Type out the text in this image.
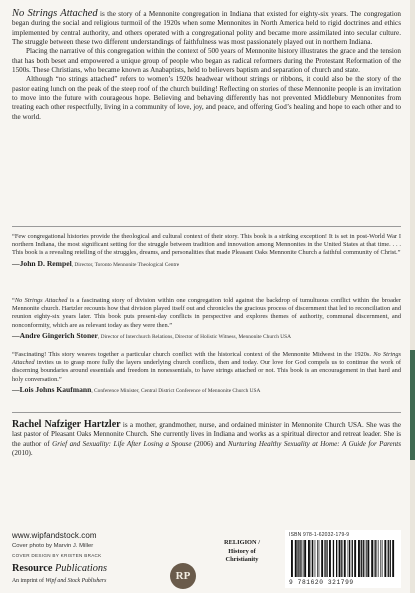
No Strings Attached is the story of a Mennonite congregation in Indiana that existed for eighty-six years. The congregation began during the social and religious turmoil of the 1920s when some Mennonites in North America held to rigid doctrines and ethics implemented by central authority, and others operated with a congregational polity and became more assimilated into secular culture. The struggle between these two different understandings of faithfulness was most passionately played out in northern Indiana.

Placing the narrative of this congregation within the context of 500 years of Mennonite history illustrates the grace and the tension that has both beset and empowered a unique group of people who began as radical reformers during the Protestant Reformation of the 1500s. These Christians, who became known as Anabaptists, held to believers baptism and separation of church and state.

Although “no strings attached” refers to women’s 1920s headwear without strings or ribbons, it could also be the story of the pastor eating lunch on the peak of the steep roof of the church building! Reflecting on stories of these Mennonite people is an invitation to move into the future with courageous hope. Believing and behaving differently has not prevented Middlebury Mennonites from treating each other respectfully, living in a community of love, joy, and peace, and offering God’s healing and hope to each other and to the world.

“Few congregational histories provide the theological and cultural context of their story. This book is a striking exception! It is set in post-World War I northern Indiana, the most significant setting for the struggle between tradition and innovation among Mennonites in the United States at that time. . . . This book is a revealing retelling of the struggles, dreams, and personalities that made Pleasant Oaks Mennonite Church a faithful community of Christ.”

—John D. Rempel, Director, Toronto Mennonite Theological Centre

“No Strings Attached is a fascinating story of division within one congregation told against the backdrop of tumultuous conflict within the broader Mennonite church. Hartzler recounts how that division played itself out and chronicles the gracious process of discernment that led to reconciliation and reunion eighty-six years later. This book puts present-day conflicts in perspective and explores themes of authority, communal discernment, and nonconformity, which are as relevant today as they were then.”

—Andre Gingerich Stoner, Director of Interchurch Relations, Director of Holistic Witness, Mennonite Church USA

“Fascinating! This story weaves together a particular church conflict with the historical context of the Mennonite Midwest in the 1920s. No Strings Attached invites us to grasp more fully the layers underlying church conflicts, then and today. Our love for God compels us to continue the work of discerning boundaries around essentials and freedom in nonessentials, to have strings attached or not. This book is an encouragement in that hard and holy conversation.”

—Lois Johns Kaufmann, Conference Minister, Central District Conference of Mennonite Church USA

Rachel Nafziger Hartzler is a mother, grandmother, nurse, and ordained minister in Mennonite Church USA. She was the last pastor of Pleasant Oaks Mennonite Church. She currently lives in Indiana and works as a spiritual director and retreat leader. She is the author of Grief and Sexuality: Life After Losing a Spouse (2006) and Nurturing Healthy Sexuality at Home: A Guide for Parents (2010).

www.wipfandstock.com
Cover photo by Marvin J. Miller
COVER DESIGN BY KRISTEN BRACK
Resource Publications
An imprint of Wipf and Stock Publishers	RP
RELIGION / History of Christianity
ISBN 978-1-62032-179-9
9 781620 321799
